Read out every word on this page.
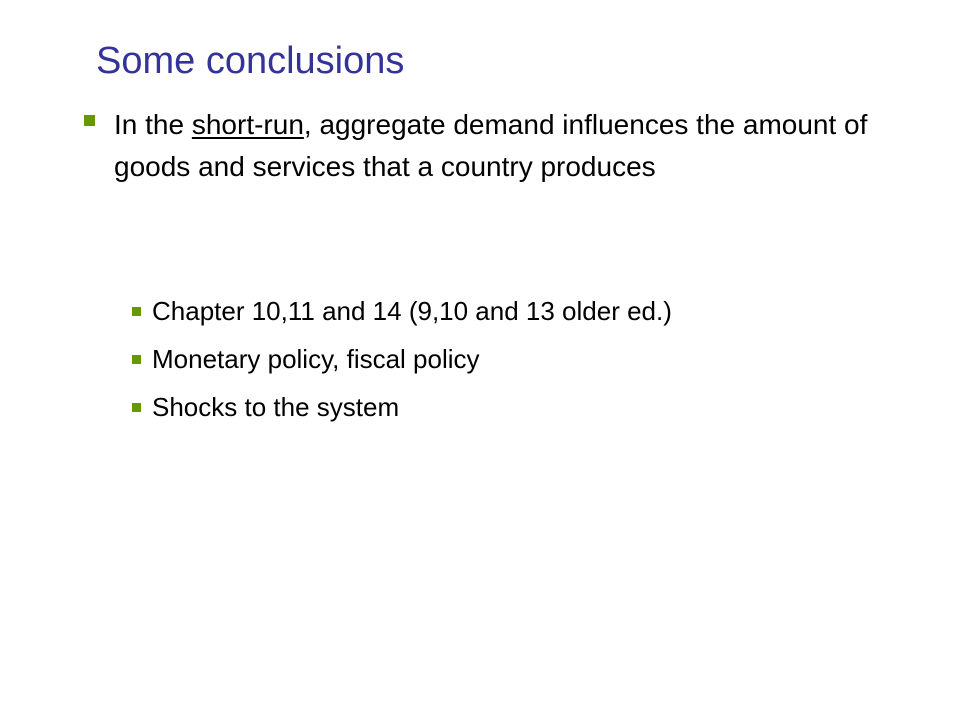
Some conclusions
In the short-run, aggregate demand influences the amount of goods and services that a country produces
Chapter 10,11 and 14 (9,10 and 13 older ed.)
Monetary policy, fiscal policy
Shocks to the system
